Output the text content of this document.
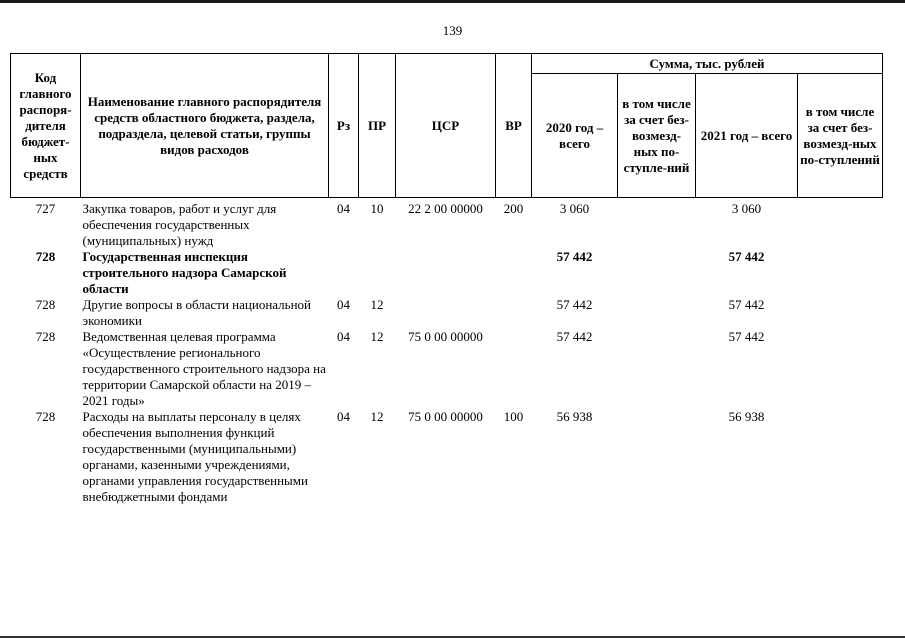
139
Код главного распоря-дителя бюджет-ных средств	Наименование главного распорядителя средств областного бюджета, раздела, подраздела, целевой статьи, группы видов расходов	Рз	ПР	ЦСР	ВР	Сумма, тыс. рублей			
						2020 год – всего	в том числе за счет без-возмезд-ных по-ступле-ний	2021 год – всего	в том числе за счет без-возмезд-ных по-ступлений
727	Закупка товаров, работ и услуг для обеспечения государственных (муниципальных) нужд	04	10	22 2 00 00000	200	3 060		3 060	
728	Государственная инспекция строительного надзора Самарской области					57 442		57 442	
728	Другие вопросы в области национальной экономики	04	12			57 442		57 442	
728	Ведомственная целевая программа «Осуществление регионального государственного строительного надзора на территории Самарской области на 2019 – 2021 годы»	04	12	75 0 00 00000		57 442		57 442	
728	Расходы на выплаты персоналу в целях обеспечения выполнения функций государственными (муниципальными) органами, казенными учреждениями, органами управления государственными внебюджетными фондами	04	12	75 0 00 00000	100	56 938		56 938	
